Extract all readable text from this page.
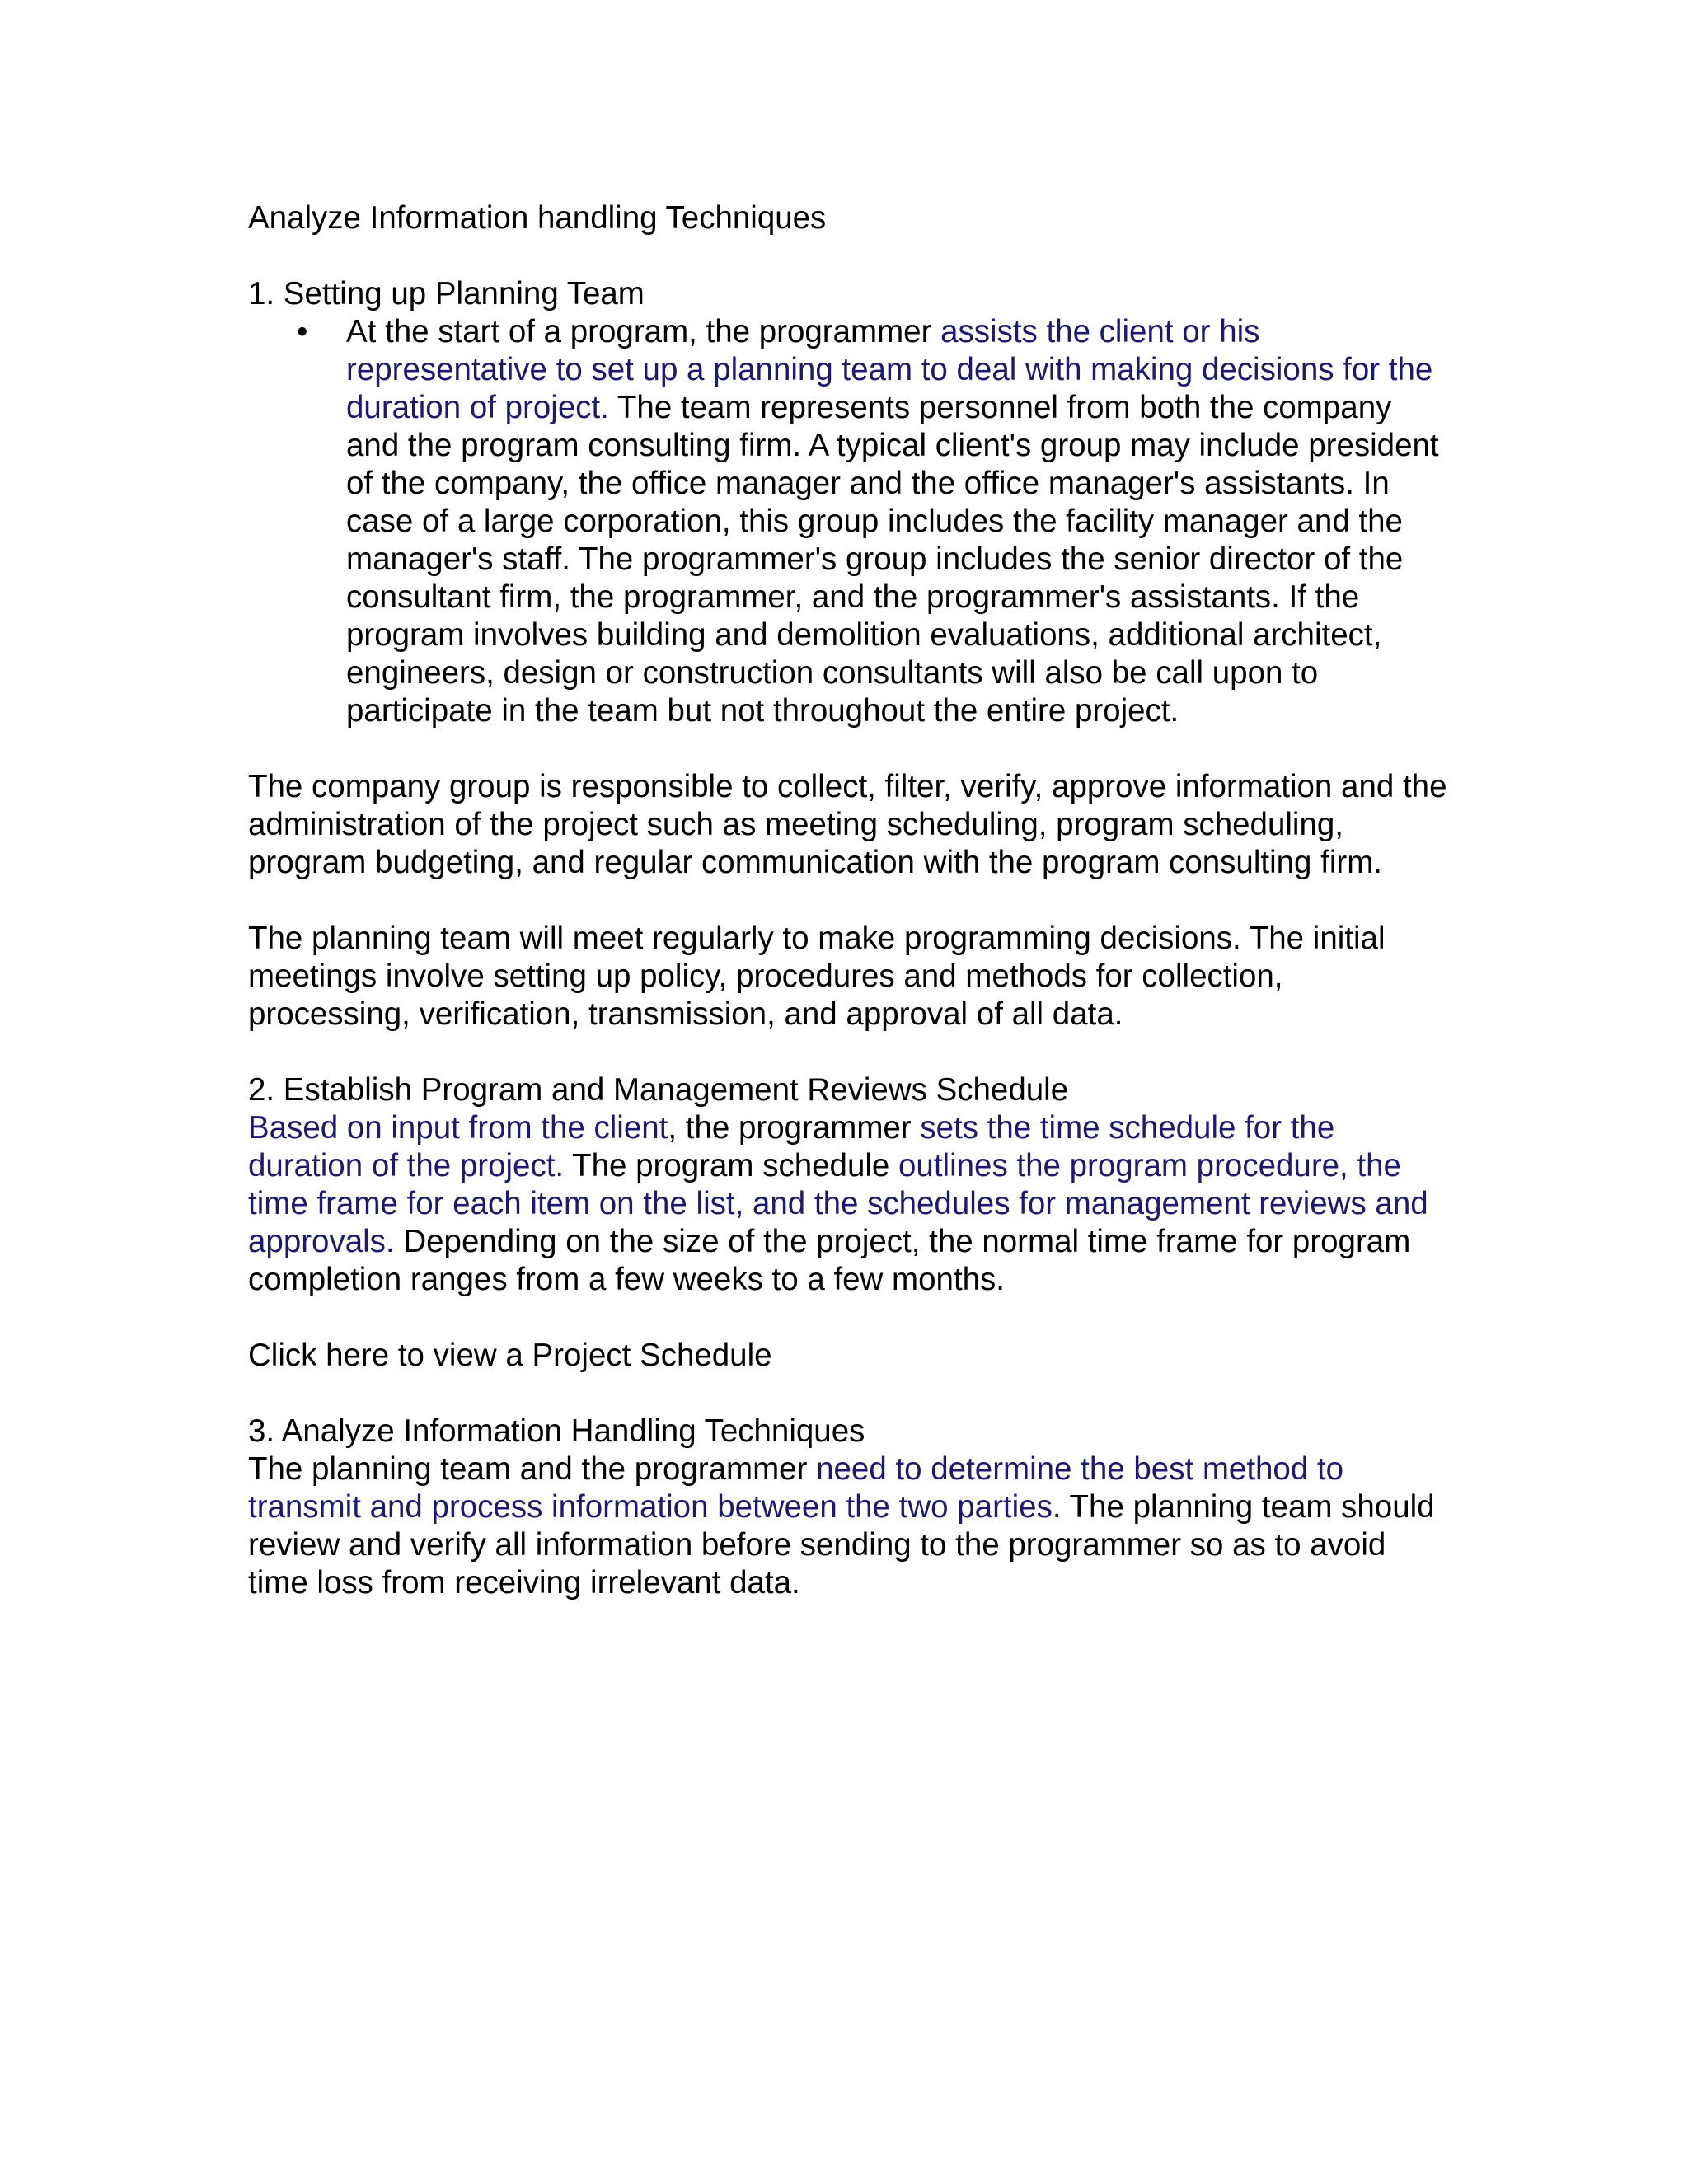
Analyze Information handling Techniques

1. Setting up Planning Team

•	At the start of a program, the programmer assists the client or his representative to set up a planning team to deal with making decisions for the duration of project. The team represents personnel from both the company and the program consulting firm. A typical client's group may include president of the company, the office manager and the office manager's assistants. In case of a large corporation, this group includes the facility manager and the manager's staff. The programmer's group includes the senior director of the consultant firm, the programmer, and the programmer's assistants. If the program involves building and demolition evaluations, additional architect, engineers, design or construction consultants will also be call upon to participate in the team but not throughout the entire project.

The company group is responsible to collect, filter, verify, approve information and the administration of the project such as meeting scheduling, program scheduling, program budgeting, and regular communication with the program consulting firm.

The planning team will meet regularly to make programming decisions. The initial meetings involve setting up policy, procedures and methods for collection, processing, verification, transmission, and approval of all data.

2. Establish Program and Management Reviews Schedule

Based on input from the client, the programmer sets the time schedule for the duration of the project. The program schedule outlines the program procedure, the time frame for each item on the list, and the schedules for management reviews and approvals. Depending on the size of the project, the normal time frame for program completion ranges from a few weeks to a few months.

Click here to view a Project Schedule

3. Analyze Information Handling Techniques

The planning team and the programmer need to determine the best method to transmit and process information between the two parties. The planning team should review and verify all information before sending to the programmer so as to avoid time loss from receiving irrelevant data.
